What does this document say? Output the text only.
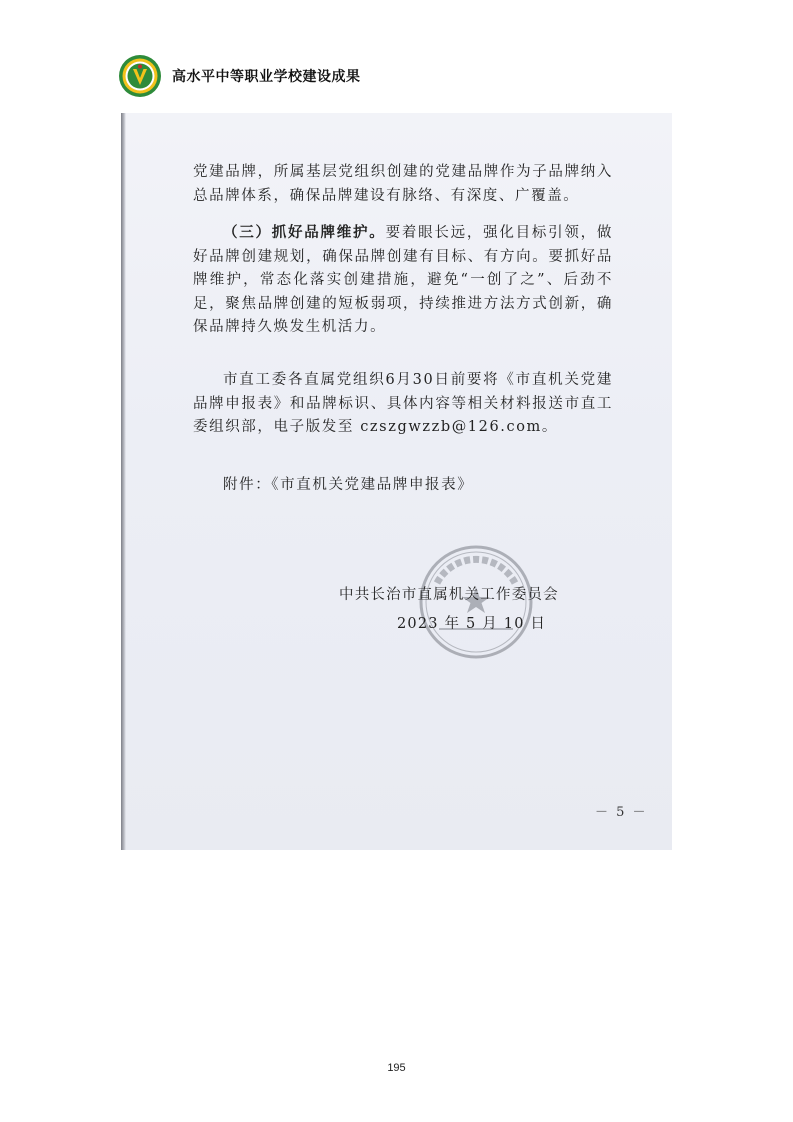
高水平中等职业学校建设成果

党建品牌，所属基层党组织创建的党建品牌作为子品牌纳入总品牌体系，确保品牌建设有脉络、有深度、广覆盖。

（三）抓好品牌维护。要着眼长远，强化目标引领，做好品牌创建规划，确保品牌创建有目标、有方向。要抓好品牌维护，常态化落实创建措施，避免“一创了之”、后劲不足，聚焦品牌创建的短板弱项，持续推进方法方式创新，确保品牌持久焕发生机活力。

市直工委各直属党组织6月30日前要将《市直机关党建品牌申报表》和品牌标识、具体内容等相关材料报送市直工委组织部，电子版发至 czszgwzzb@126.com。

附件：《市直机关党建品牌申报表》

中共长治市直属机关工作委员会
2023 年 5 月 10 日
－ 5 －
195
